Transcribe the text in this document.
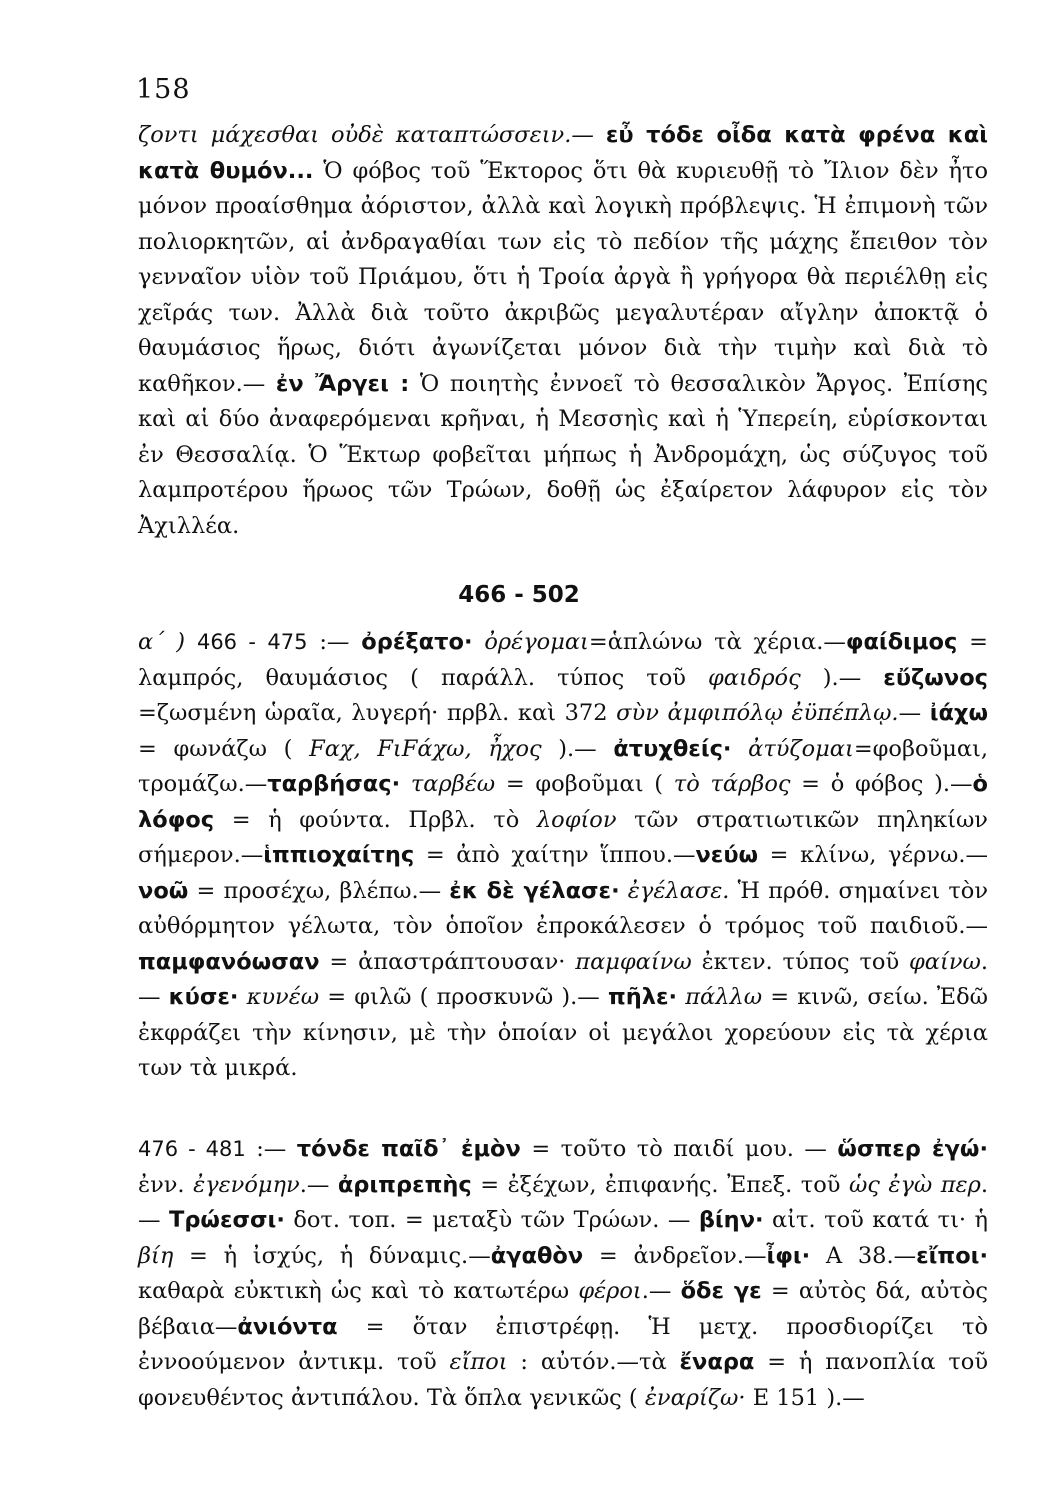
158

ζοντι μάχεσθαι οὐδὲ καταπτώσσειν.— εὖ τόδε οἶδα κατὰ φρένα καὶ κατὰ θυμόν... Ὁ φόβος τοῦ Ἕκτορος ὅτι θὰ κυριευθῇ τὸ Ἴλιον δὲν ἦτο μόνον προαίσθημα ἀόριστον, ἀλλὰ καὶ λογικὴ πρόβλεψις. Ἡ ἐπιμονὴ τῶν πολιορκητῶν, αἱ ἀνδραγαθίαι των εἰς τὸ πεδίον τῆς μάχης ἔπειθον τὸν γενναῖον υἱὸν τοῦ Πριάμου, ὅτι ἡ Τροία ἀργὰ ἢ γρήγορα θὰ περιέλθῃ εἰς χεῖράς των. Ἀλλὰ διὰ τοῦτο ἀκριβῶς μεγαλυτέραν αἴγλην ἀποκτᾷ ὁ θαυμάσιος ἥρως, διότι ἀγωνίζεται μόνον διὰ τὴν τιμὴν καὶ διὰ τὸ καθῆκον.— ἐν Ἄργει : Ὁ ποιητὴς ἐννοεῖ τὸ θεσσαλικὸν Ἄργος. Ἐπίσης καὶ αἱ δύο ἀναφερόμεναι κρῆναι, ἡ Μεσσηὶς καὶ ἡ Ὑπερείη, εὑρίσκονται ἐν Θεσσαλίᾳ. Ὁ Ἕκτωρ φοβεῖται μήπως ἡ Ἀνδρομάχη, ὡς σύζυγος τοῦ λαμπροτέρου ἥρωος τῶν Τρώων, δοθῇ ὡς ἐξαίρετον λάφυρον εἰς τὸν Ἀχιλλέα.

466 - 502

α΄ ) 466 - 475 :— ὀρέξατο· ὀρέγομαι=ἁπλώνω τὰ χέρια.—φαίδιμος = λαμπρός, θαυμάσιος ( παράλλ. τύπος τοῦ φαιδρός ).— εὔζωνος =ζωσμένη ὡραῖα, λυγερή· πρβλ. καὶ 372 σὺν ἀμφιπόλῳ ἐϋπέπλῳ.— ἰάχω = φωνάζω ( Fαχ, FιFάχω, ἦχος ).— ἀτυχθείς· ἀτύζομαι=φοβοῦμαι, τρομάζω.—ταρβήσας· ταρβέω = φοβοῦμαι ( τὸ τάρβος = ὁ φόβος ).—ὁ λόφος = ἡ φούντα. Πρβλ. τὸ λοφίον τῶν στρατιωτικῶν πηληκίων σήμερον.—ἱππιοχαίτης = ἀπὸ χαίτην ἵππου.—νεύω = κλίνω, γέρνω.— νοῶ = προσέχω, βλέπω.— ἐκ δὲ γέλασε· ἐγέλασε. Ἡ πρόθ. σημαίνει τὸν αὐθόρμητον γέλωτα, τὸν ὁποῖον ἐπροκάλεσεν ὁ τρόμος τοῦ παιδιοῦ.—παμφανόωσαν = ἀπαστράπτουσαν· παμφαίνω ἐκτεν. τύπος τοῦ φαίνω.— κύσε· κυνέω = φιλῶ ( προσκυνῶ ).— πῆλε· πάλλω = κινῶ, σείω. Ἐδῶ ἐκφράζει τὴν κίνησιν, μὲ τὴν ὁποίαν οἱ μεγάλοι χορεύουν εἰς τὰ χέρια των τὰ μικρά.

476 - 481 :— τόνδε παῖδ᾽ ἐμὸν = τοῦτο τὸ παιδί μου. — ὥσπερ ἐγώ· ἐνν. ἐγενόμην.— ἀριπρεπὴς = ἐξέχων, ἐπιφανής. Ἐπεξ. τοῦ ὡς ἐγὼ περ.— Τρώεσσι· δοτ. τοπ. = μεταξὺ τῶν Τρώων. — βίην· αἰτ. τοῦ κατά τι· ἡ βίη = ἡ ἰσχύς, ἡ δύναμις.—ἀγαθὸν = ἀνδρεῖον.—ἶφι· Α 38.—εἴποι· καθαρὰ εὐκτικὴ ὡς καὶ τὸ κατωτέρω φέροι.— ὅδε γε = αὐτὸς δά, αὐτὸς βέβαια—ἀνιόντα = ὅταν ἐπιστρέφῃ. Ἡ μετχ. προσδιορίζει τὸ ἐννοούμενον ἀντικμ. τοῦ εἴποι : αὐτόν.—τὰ ἔναρα = ἡ πανοπλία τοῦ φονευθέντος ἀντιπάλου. Τὰ ὅπλα γενικῶς ( ἐναρίζω· Ε 151 ).—
